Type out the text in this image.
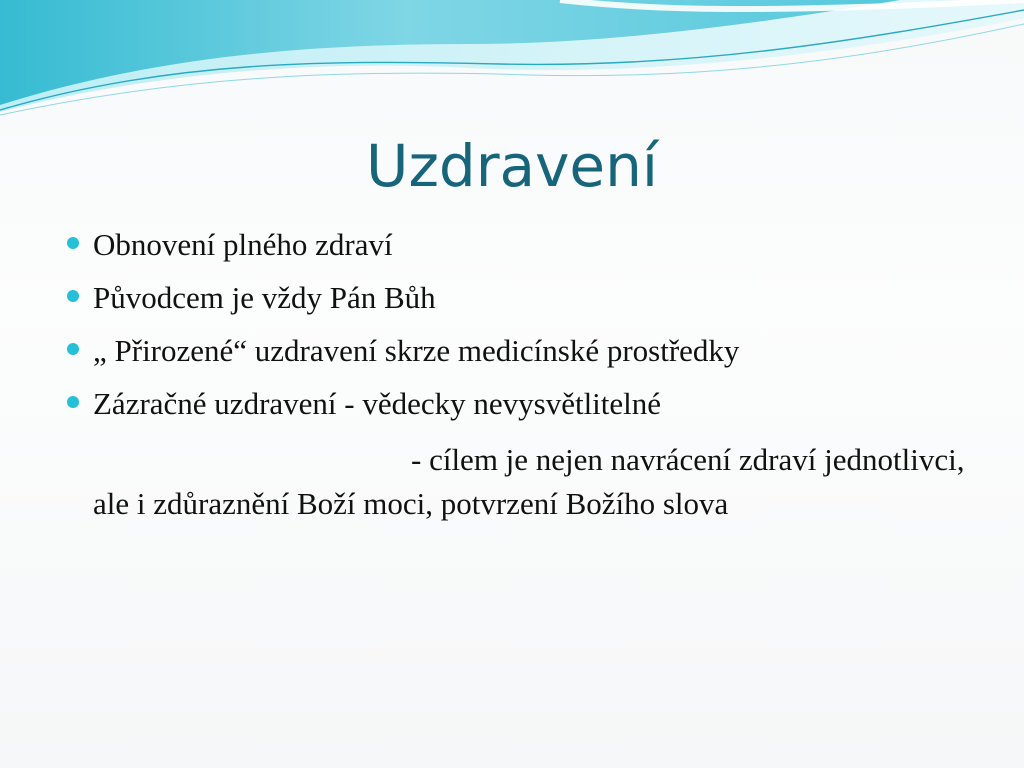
Uzdravení
Obnovení plného zdraví
Původcem je vždy Pán Bůh
„ Přirozené“ uzdravení skrze medicínské prostředky
Zázračné uzdravení - vědecky nevysvětlitelné

- cílem je nejen navrácení zdraví jednotlivci, ale i zdůraznění Boží moci, potvrzení Božího slova
